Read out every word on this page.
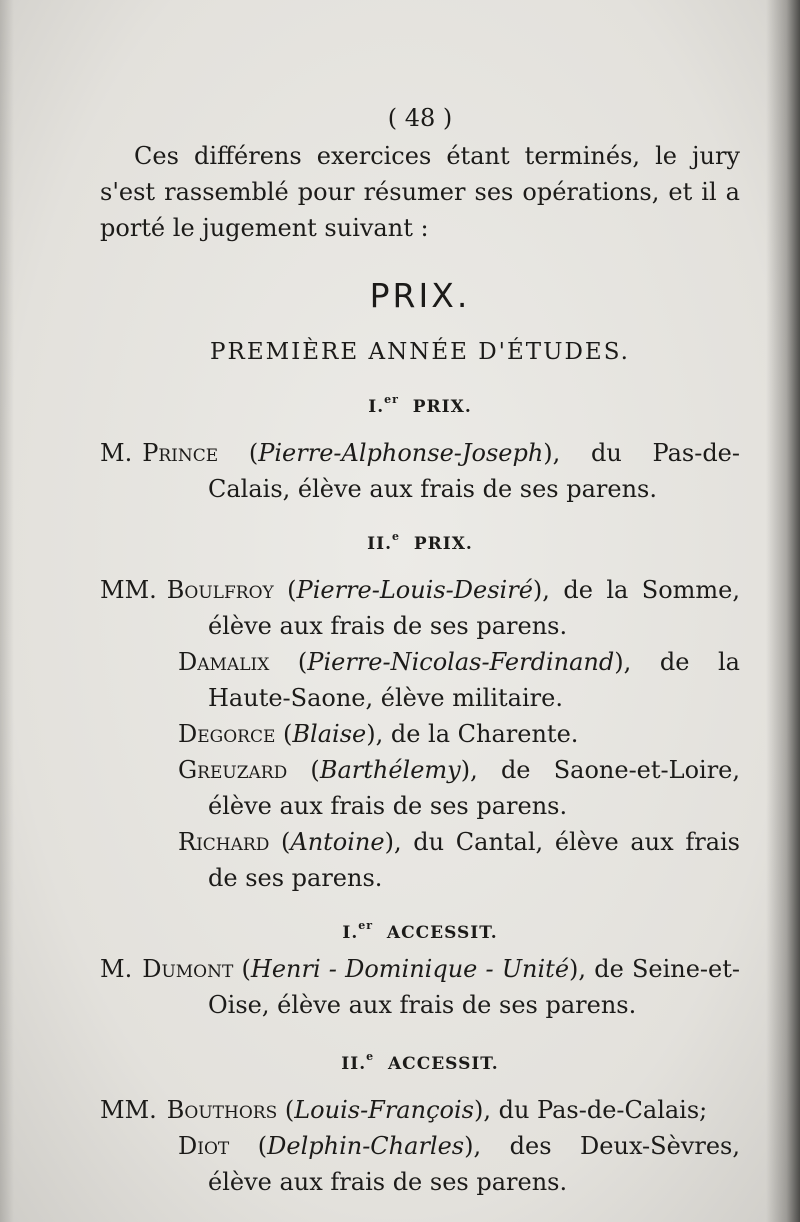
( 48 )

Ces différens exercices étant terminés, le jury s'est rassemblé pour résumer ses opérations, et il a porté le jugement suivant :

PRIX.
PREMIÈRE ANNÉE D'ÉTUDES.
I.$^{er}$ PRIX.

M. Prince (Pierre-Alphonse-Joseph), du Pas-de-Calais, élève aux frais de ses parens.

II.$^e$ PRIX.

MM. Boulfroy (Pierre-Louis-Desiré), de la Somme, élève aux frais de ses parens.

Damalix (Pierre-Nicolas-Ferdinand), de la Haute-Saone, élève militaire.

Degorce (Blaise), de la Charente.

Greuzard (Barthélemy), de Saone-et-Loire, élève aux frais de ses parens.

Richard (Antoine), du Cantal, élève aux frais de ses parens.

I.$^{er}$ ACCESSIT.

M. Dumont (Henri - Dominique - Unité), de Seine-et-Oise, élève aux frais de ses parens.

II.$^e$ ACCESSIT.

MM. Bouthors (Louis-François), du Pas-de-Calais;

Diot (Delphin-Charles), des Deux-Sèvres, élève aux frais de ses parens.
